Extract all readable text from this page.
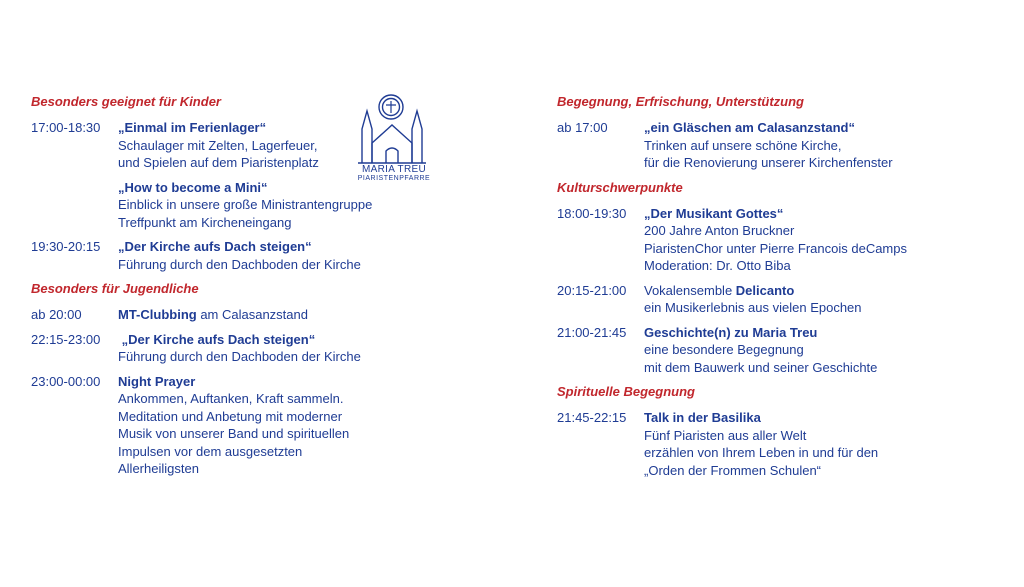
Besonders geeignet für Kinder
17:00-18:30	„Einmal im Ferienlager“
Schaulager mit Zelten, Lagerfeuer,
und Spielen auf dem Piaristenplatz
„How to become a Mini“
Einblick in unsere große Ministrantengruppe
Treffpunkt am Kircheneingang
19:30-20:15	„Der Kirche aufs Dach steigen“
Führung durch den Dachboden der Kirche
Besonders für Jugendliche
ab 20:00	MT-Clubbing am Calasanzstand
22:15-23:00	„Der Kirche aufs Dach steigen“
Führung durch den Dachboden der Kirche
23:00-00:00	Night Prayer
Ankommen, Auftanken, Kraft sammeln.
Meditation und Anbetung mit moderner
Musik von unserer Band und spirituellen
Impulsen vor dem ausgesetzten
Allerheiligsten
MARIA TREU
PIARISTENPFARRE
Begegnung, Erfrischung, Unterstützung
ab 17:00	„ein Gläschen am Calasanzstand“
Trinken auf unsere schöne Kirche,
für die Renovierung unserer Kirchenfenster
Kulturschwerpunkte
18:00-19:30	„Der Musikant Gottes“
200 Jahre Anton Bruckner
PiaristenChor unter Pierre Francois deCamps
Moderation: Dr. Otto Biba
20:15-21:00	Vokalensemble Delicanto
ein Musikerlebnis aus vielen Epochen
21:00-21:45	Geschichte(n) zu Maria Treu
eine besondere Begegnung
mit dem Bauwerk und seiner Geschichte
Spirituelle Begegnung
21:45-22:15	Talk in der Basilika
Fünf Piaristen aus aller Welt
erzählen von Ihrem Leben in und für den
„Orden der Frommen Schulen“
